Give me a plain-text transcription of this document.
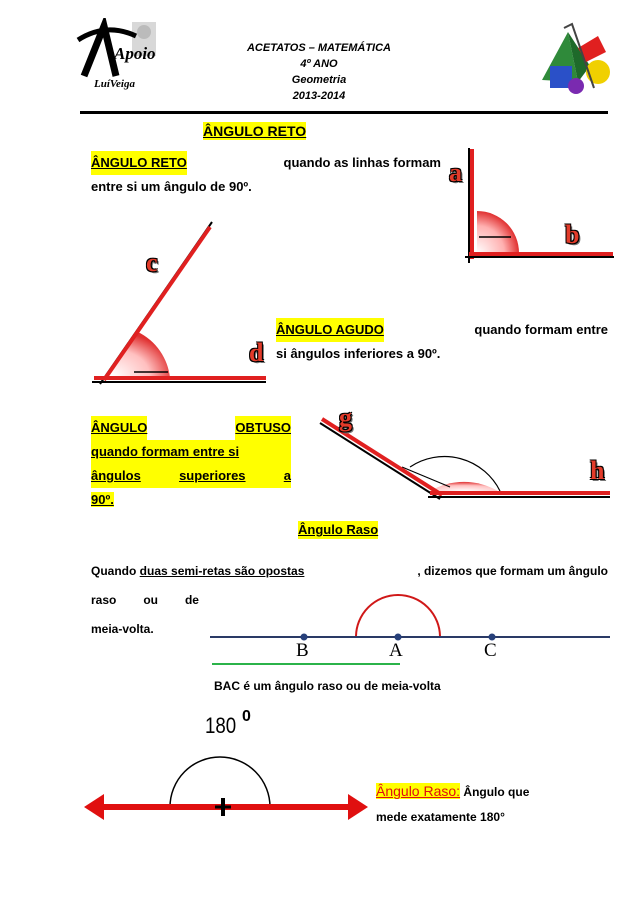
Apoio
LuíVeiga
ACETATOS – MATEMÁTICA
4º ANO
Geometria
2013-2014
ÂNGULO RETO
ÂNGULO RETO	quando as linhas formam
entre si um ângulo de 90º.	a
b
c
d
ÂNGULO AGUDO	quando formam entre
si ângulos inferiores a 90º.
ÂNGULO	OBTUSO
quando formam entre si
ângulos	superiores	a
90º.
g
h
Ângulo Raso
Quando duas semi-retas são opostas	, dizemos que formam um ângulo
raso ou de
meia-volta.
B	A	C
BAC é um ângulo raso ou de meia-volta
180 0
Ângulo Raso: Ângulo que
mede exatamente 180°
